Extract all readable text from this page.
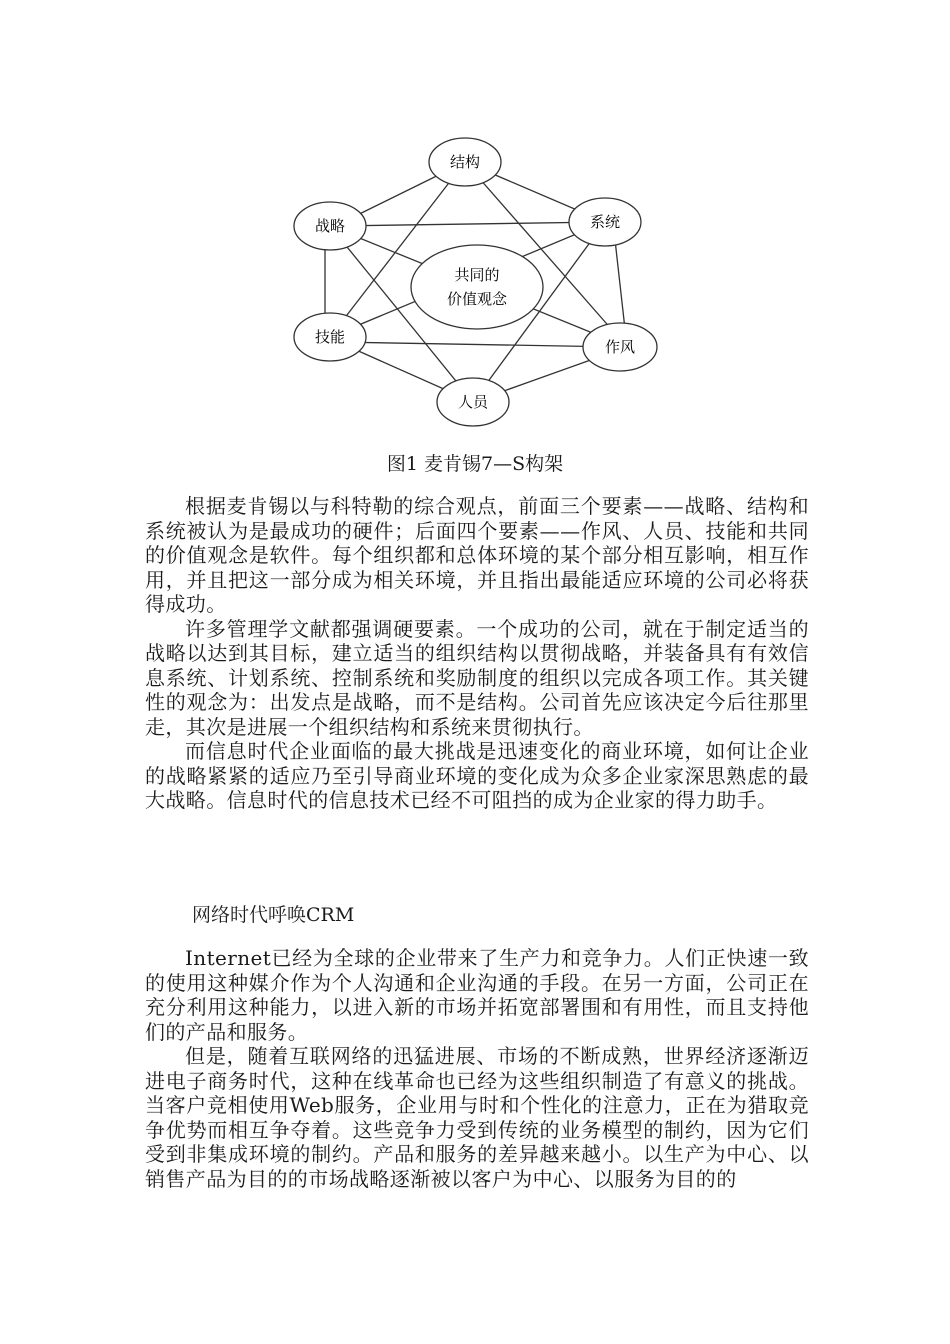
结构
战略	系统
共同的
价值观念
技能
作风
人员
图1 麦肯锡7—S构架

根据麦肯锡以与科特勒的综合观点，前面三个要素——战略、结构和系统被认为是最成功的硬件；后面四个要素——作风、人员、技能和共同的价值观念是软件。每个组织都和总体环境的某个部分相互影响，相互作用，并且把这一部分成为相关环境，并且指出最能适应环境的公司必将获得成功。

许多管理学文献都强调硬要素。一个成功的公司，就在于制定适当的战略以达到其目标，建立适当的组织结构以贯彻战略，并装备具有有效信息系统、计划系统、控制系统和奖励制度的组织以完成各项工作。其关键性的观念为：出发点是战略，而不是结构。公司首先应该决定今后往那里走，其次是进展一个组织结构和系统来贯彻执行。

而信息时代企业面临的最大挑战是迅速变化的商业环境，如何让企业的战略紧紧的适应乃至引导商业环境的变化成为众多企业家深思熟虑的最大战略。信息时代的信息技术已经不可阻挡的成为企业家的得力助手。

网络时代呼唤CRM

Internet已经为全球的企业带来了生产力和竞争力。人们正快速一致的使用这种媒介作为个人沟通和企业沟通的手段。在另一方面，公司正在充分利用这种能力，以进入新的市场并拓宽部署围和有用性，而且支持他们的产品和服务。

但是，随着互联网络的迅猛进展、市场的不断成熟，世界经济逐渐迈进电子商务时代，这种在线革命也已经为这些组织制造了有意义的挑战。当客户竞相使用Web服务，企业用与时和个性化的注意力，正在为猎取竞争优势而相互争夺着。这些竞争力受到传统的业务模型的制约，因为它们受到非集成环境的制约。产品和服务的差异越来越小。以生产为中心、以销售产品为目的的市场战略逐渐被以客户为中心、以服务为目的的
